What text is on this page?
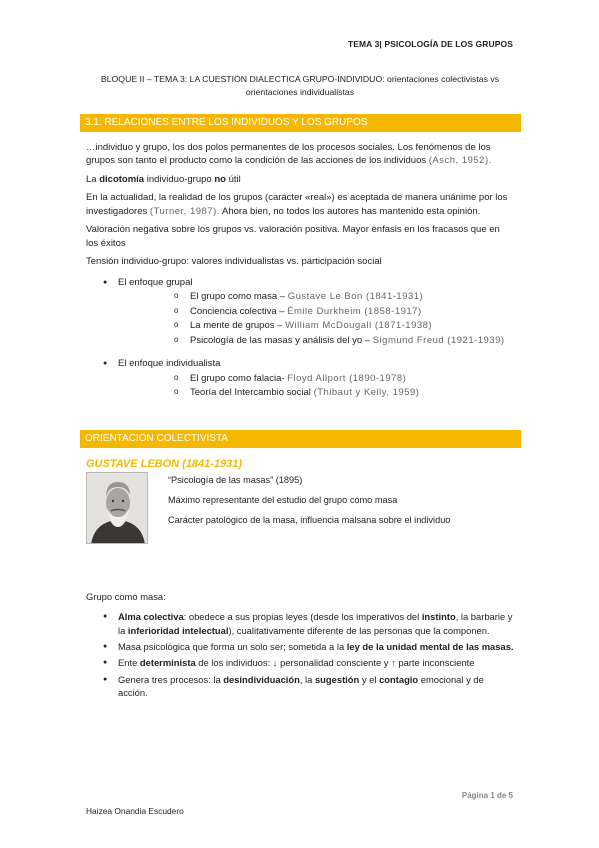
TEMA 3| PSICOLOGÍA DE LOS GRUPOS
BLOQUE II – TEMA 3: LA CUESTIÓN DIALECTICA GRUPO-INDIVIDUO: orientaciones colectivistas vs
orientaciones individualistas
3.1. RELACIONES ENTRE LOS INDIVIDUOS Y LOS GRUPOS

…individuo y grupo, los dos polos permanentes de los procesos sociales. Los fenómenos de los grupos son tanto el producto como la condición de las acciones de los individuos (Asch, 1952).

La dicotomía individuo-grupo no útil

En la actualidad, la realidad de los grupos (carácter «real») es aceptada de manera unánime por los investigadores (Turner, 1987). Ahora bien, no todos los autores has mantenido esta opinión.

Valoración negativa sobre los grupos vs. valoración positiva. Mayor énfasis en los fracasos que en los éxitos

Tensión individuo-grupo: valores individualistas vs. participación social

● El enfoque grupal
o El grupo como masa – Gustave Le Bon (1841-1931)
o Conciencia colectiva – Émile Durkheim (1858-1917)
o La mente de grupos – William McDougall (1871-1938)
o Psicología de las masas y análisis del yo – Sigmund Freud (1921-1939)
● El enfoque individualista
o El grupo como falacia- Floyd Allport (1890-1978)
o Teoría del Intercambio social (Thibaut y Kelly, 1959)
ORIENTACION COLECTIVISTA
GUSTAVE LEBON (1841-1931)

“Psicología de las masas” (1895)

Máximo representante del estudio del grupo como masa

Carácter patológico de la masa, influencia malsana sobre el individuo

Grupo como masa:

● Alma colectiva: obedece a sus propias leyes (desde los imperativos del instinto, la barbarie y la inferioridad intelectual), cualitativamente diferente de las personas que la componen.
● Masa psicológica que forma un solo ser; sometida a la ley de la unidad mental de las masas.
● Ente determinista de los individuos: ↓ personalidad consciente y ↑ parte inconsciente
● Genera tres procesos: la desindividuación, la sugestión y el contagio emocional y de acción.
Página 1 de 5
Haizea Onandia Escudero
